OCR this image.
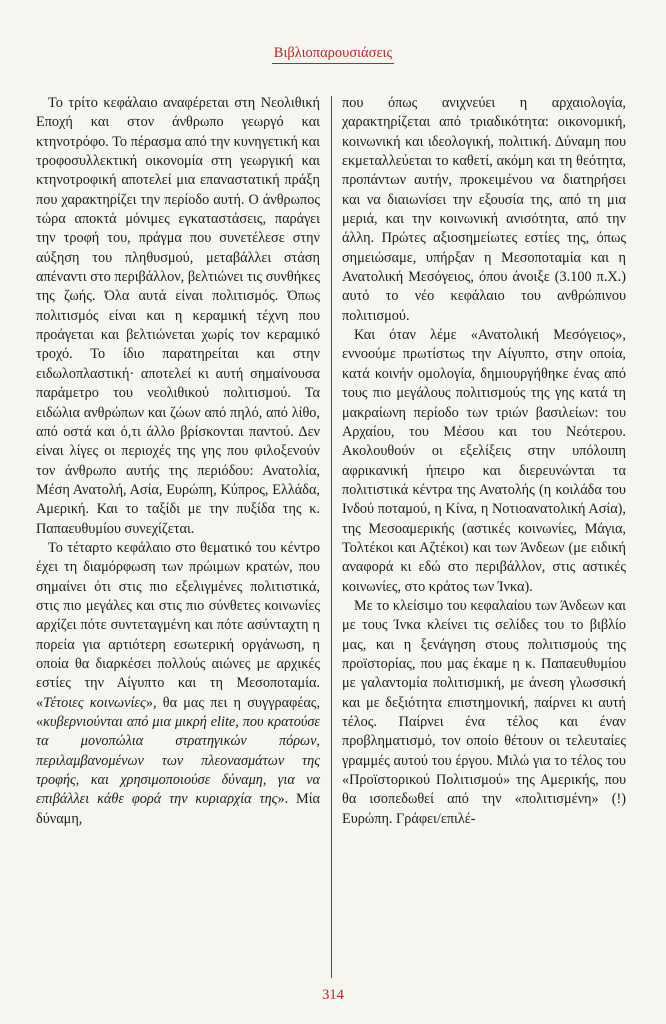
Βιβλιοπαρουσιάσεις

Το τρίτο κεφάλαιο αναφέρεται στη Νεολιθική Εποχή και στον άνθρωπο γεωργό και κτηνοτρόφο. Το πέρασμα από την κυνηγετική και τροφοσυλλεκτική οικονομία στη γεωργική και κτηνοτροφική αποτελεί μια επαναστατική πράξη που χαρακτηρίζει την περίοδο αυτή. Ο άνθρωπος τώρα αποκτά μόνιμες εγκαταστάσεις, παράγει την τροφή του, πράγμα που συνετέλεσε στην αύξηση του πληθυσμού, μεταβάλλει στάση απέναντι στο περιβάλλον, βελτιώνει τις συνθήκες της ζωής. Όλα αυτά είναι πολιτισμός. Όπως πολιτισμός είναι και η κεραμική τέχνη που προάγεται και βελτιώνεται χωρίς τον κεραμικό τροχό. Το ίδιο παρατηρείται και στην ειδωλοπλαστική· αποτελεί κι αυτή σημαίνουσα παράμετρο του νεολιθικού πολιτισμού. Τα ειδώλια ανθρώπων και ζώων από πηλό, από λίθο, από οστά και ό,τι άλλο βρίσκονται παντού. Δεν είναι λίγες οι περιοχές της γης που φιλοξενούν τον άνθρωπο αυτής της περιόδου: Ανατολία, Μέση Ανατολή, Ασία, Ευρώπη, Κύπρος, Ελλάδα, Αμερική. Και το ταξίδι με την πυξίδα της κ. Παπαευθυμίου συνεχίζεται.

Το τέταρτο κεφάλαιο στο θεματικό του κέντρο έχει τη διαμόρφωση των πρώιμων κρατών, που σημαίνει ότι στις πιο εξελιγμένες πολιτιστικά, στις πιο μεγάλες και στις πιο σύνθετες κοινωνίες αρχίζει πότε συντεταγμένη και πότε ασύνταχτη η πορεία για αρτιότερη εσωτερική οργάνωση, η οποία θα διαρκέσει πολλούς αιώνες με αρχικές εστίες την Αίγυπτο και τη Μεσοποταμία. «Τέτοιες κοινωνίες», θα μας πει η συγγραφέας, «κυβερνιούνται από μια μικρή elite, που κρατούσε τα μονοπώλια στρατηγικών πόρων, περιλαμβανομένων των πλεονασμάτων της τροφής, και χρησιμοποιούσε δύναμη, για να επιβάλλει κάθε φορά την κυριαρχία της». Μία δύναμη,

που όπως ανιχνεύει η αρχαιολογία, χαρακτηρίζεται από τριαδικότητα: οικονομική, κοινωνική και ιδεολογική, πολιτική. Δύναμη που εκμεταλλεύεται το καθετί, ακόμη και τη θεότητα, προπάντων αυτήν, προκειμένου να διατηρήσει και να διαιωνίσει την εξουσία της, από τη μια μεριά, και την κοινωνική ανισότητα, από την άλλη. Πρώτες αξιοσημείωτες εστίες της, όπως σημειώσαμε, υπήρξαν η Μεσοποταμία και η Ανατολική Μεσόγειος, όπου άνοιξε (3.100 π.Χ.) αυτό το νέο κεφάλαιο του ανθρώπινου πολιτισμού.

Και όταν λέμε «Ανατολική Μεσόγειος», εννοούμε πρωτίστως την Αίγυπτο, στην οποία, κατά κοινήν ομολογία, δημιουργήθηκε ένας από τους πιο μεγάλους πολιτισμούς της γης κατά τη μακραίωνη περίοδο των τριών βασιλείων: του Αρχαίου, του Μέσου και του Νεότερου. Ακολουθούν οι εξελίξεις στην υπόλοιπη αφρικανική ήπειρο και διερευνώνται τα πολιτιστικά κέντρα της Ανατολής (η κοιλάδα του Ινδού ποταμού, η Κίνα, η Νοτιοανατολική Ασία), της Μεσοαμερικής (αστικές κοινωνίες, Μάγια, Τολτέκοι και Αζτέκοι) και των Άνδεων (με ειδική αναφορά κι εδώ στο περιβάλλον, στις αστικές κοινωνίες, στο κράτος των Ίνκα).

Με το κλείσιμο του κεφαλαίου των Άνδεων και με τους Ίνκα κλείνει τις σελίδες του το βιβλίο μας, και η ξενάγηση στους πολιτισμούς της προϊστορίας, που μας έκαμε η κ. Παπαευθυμίου με γαλαντομία πολιτισμική, με άνεση γλωσσική και με δεξιότητα επιστημονική, παίρνει κι αυτή τέλος. Παίρνει ένα τέλος και έναν προβληματισμό, τον οποίο θέτουν οι τελευταίες γραμμές αυτού του έργου. Μιλώ για το τέλος του «Προϊστορικού Πολιτισμού» της Αμερικής, που θα ισοπεδωθεί από την «πολιτισμένη» (!) Ευρώπη. Γράφει/επιλέ-

314
